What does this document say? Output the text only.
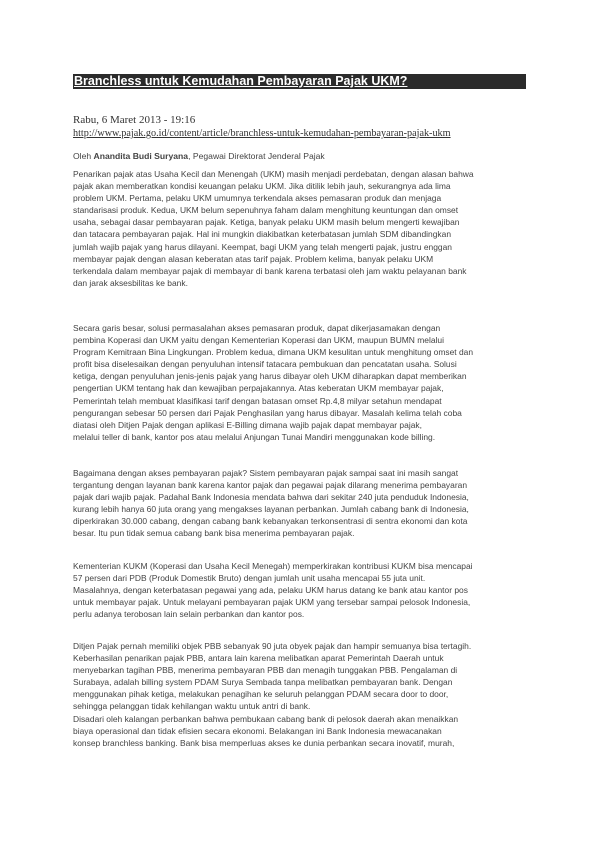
Branchless untuk Kemudahan Pembayaran Pajak UKM?
Rabu, 6 Maret 2013 - 19:16
http://www.pajak.go.id/content/article/branchless-untuk-kemudahan-pembayaran-pajak-ukm
Oleh Anandita Budi Suryana, Pegawai Direktorat Jenderal Pajak
Penarikan pajak atas Usaha Kecil dan Menengah (UKM) masih menjadi perdebatan, dengan alasan bahwa
pajak akan memberatkan kondisi keuangan pelaku UKM. Jika ditilik lebih jauh, sekurangnya ada lima
problem UKM. Pertama, pelaku UKM umumnya terkendala akses pemasaran produk dan menjaga
standarisasi produk. Kedua, UKM belum sepenuhnya faham dalam menghitung keuntungan dan omset
usaha, sebagai dasar pembayaran pajak. Ketiga, banyak pelaku UKM masih belum mengerti kewajiban
dan tatacara pembayaran pajak. Hal ini mungkin diakibatkan keterbatasan jumlah SDM dibandingkan
jumlah wajib pajak yang harus dilayani. Keempat, bagi UKM yang telah mengerti pajak, justru enggan
membayar pajak dengan alasan keberatan atas tarif pajak. Problem kelima, banyak pelaku UKM
terkendala dalam membayar pajak di membayar di bank karena terbatasi oleh jam waktu pelayanan bank
dan jarak aksesbilitas ke bank.
Secara garis besar, solusi permasalahan akses pemasaran produk, dapat dikerjasamakan dengan
pembina Koperasi dan UKM yaitu dengan Kementerian Koperasi dan UKM, maupun BUMN melalui
Program Kemitraan Bina Lingkungan. Problem kedua, dimana UKM kesulitan untuk menghitung omset dan
profit bisa diselesaikan dengan penyuluhan intensif tatacara pembukuan dan pencatatan usaha. Solusi
ketiga, dengan penyuluhan jenis-jenis pajak yang harus dibayar oleh UKM diharapkan dapat memberikan
pengertian UKM tentang hak dan kewajiban perpajakannya. Atas keberatan UKM membayar pajak,
Pemerintah telah membuat klasifikasi tarif dengan batasan omset Rp.4,8 milyar setahun mendapat
pengurangan sebesar 50 persen dari Pajak Penghasilan yang harus dibayar. Masalah kelima telah coba
diatasi oleh Ditjen Pajak dengan aplikasi E-Billing dimana wajib pajak dapat membayar pajak,
melalui teller di bank, kantor pos atau melalui Anjungan Tunai Mandiri menggunakan kode billing.
Bagaimana dengan akses pembayaran pajak? Sistem pembayaran pajak sampai saat ini masih sangat
tergantung dengan layanan bank karena kantor pajak dan pegawai pajak dilarang menerima pembayaran
pajak dari wajib pajak. Padahal Bank Indonesia mendata bahwa dari sekitar 240 juta penduduk Indonesia,
kurang lebih hanya 60 juta orang yang mengakses layanan perbankan. Jumlah cabang bank di Indonesia,
diperkirakan 30.000 cabang, dengan cabang bank kebanyakan terkonsentrasi di sentra ekonomi dan kota
besar. Itu pun tidak semua cabang bank bisa menerima pembayaran pajak.
Kementerian KUKM (Koperasi dan Usaha Kecil Menegah) memperkirakan kontribusi KUKM bisa mencapai
57 persen dari PDB (Produk Domestik Bruto) dengan jumlah unit usaha mencapai 55 juta unit.
Masalahnya, dengan keterbatasan pegawai yang ada, pelaku UKM harus datang ke bank atau kantor pos
untuk membayar pajak. Untuk melayani pembayaran pajak UKM yang tersebar sampai pelosok Indonesia,
perlu adanya terobosan lain selain perbankan dan kantor pos.
Ditjen Pajak pernah memiliki objek PBB sebanyak 90 juta obyek pajak dan hampir semuanya bisa tertagih.
Keberhasilan penarikan pajak PBB, antara lain karena melibatkan aparat Pemerintah Daerah untuk
menyebarkan tagihan PBB, menerima pembayaran PBB dan menagih tunggakan PBB. Pengalaman di
Surabaya, adalah billing system PDAM Surya Sembada tanpa melibatkan pembayaran bank. Dengan
menggunakan pihak ketiga, melakukan penagihan ke seluruh pelanggan PDAM secara door to door,
sehingga pelanggan tidak kehilangan waktu untuk antri di bank.
Disadari oleh kalangan perbankan bahwa pembukaan cabang bank di pelosok daerah akan menaikkan
biaya operasional dan tidak efisien secara ekonomi. Belakangan ini Bank Indonesia mewacanakan
konsep branchless banking. Bank bisa memperluas akses ke dunia perbankan secara inovatif, murah,
